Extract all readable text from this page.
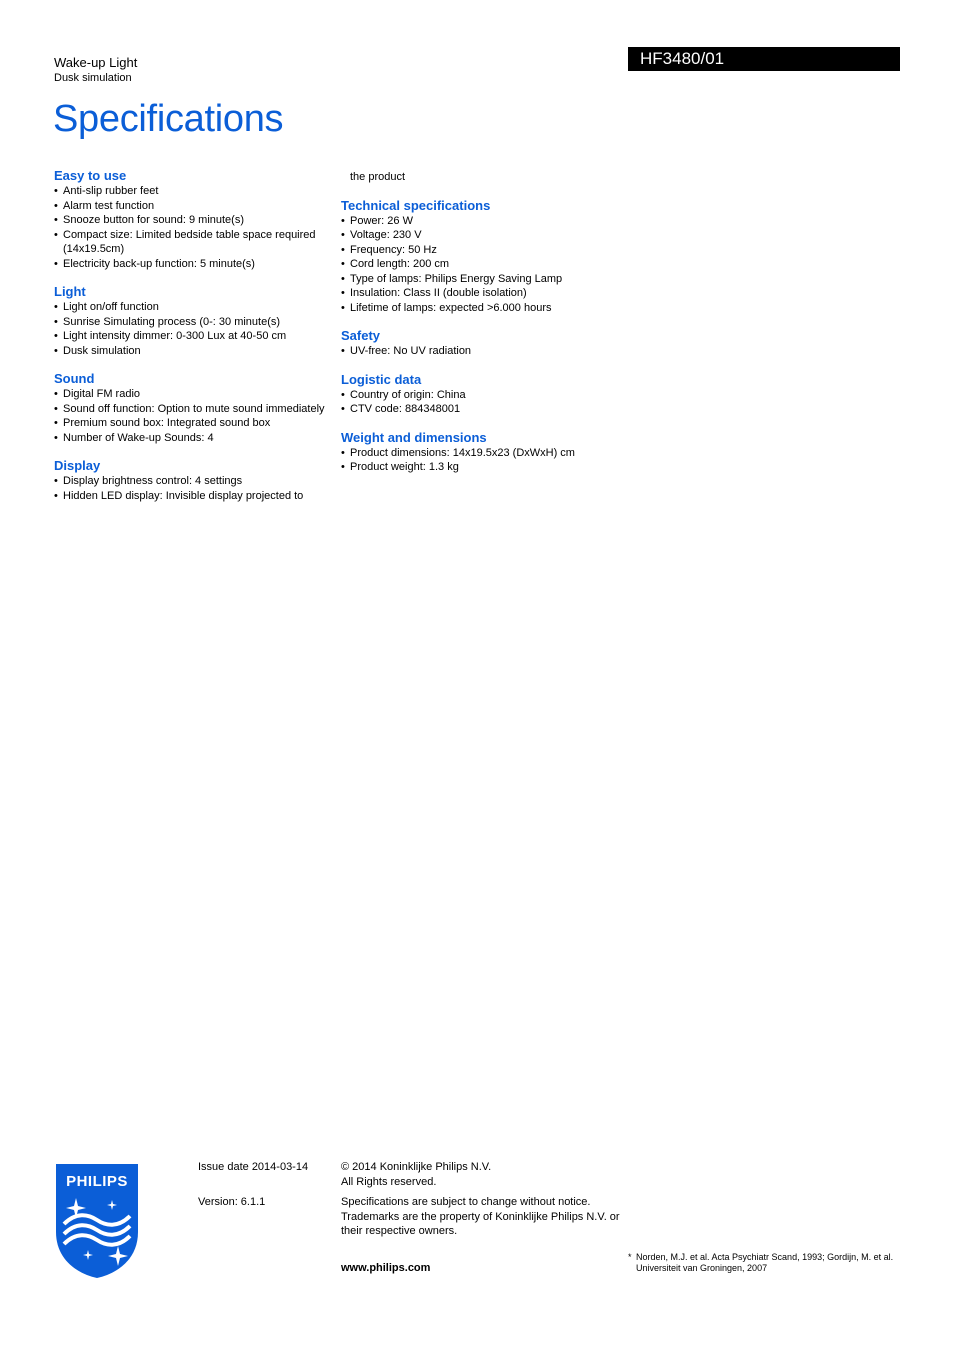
Wake-up Light
Dusk simulation
HF3480/01
Specifications
Easy to use
• Anti-slip rubber feet
• Alarm test function
• Snooze button for sound: 9 minute(s)
• Compact size: Limited bedside table space required (14x19.5cm)
• Electricity back-up function: 5 minute(s)
Light
• Light on/off function
• Sunrise Simulating process (0-: 30 minute(s)
• Light intensity dimmer: 0-300 Lux at 40-50 cm
• Dusk simulation
Sound
• Digital FM radio
• Sound off function: Option to mute sound immediately
• Premium sound box: Integrated sound box
• Number of Wake-up Sounds: 4
Display
• Display brightness control: 4 settings
• Hidden LED display: Invisible display projected to
the product
Technical specifications
• Power: 26 W
• Voltage: 230 V
• Frequency: 50 Hz
• Cord length: 200 cm
• Type of lamps: Philips Energy Saving Lamp
• Insulation: Class II (double isolation)
• Lifetime of lamps: expected >6.000 hours
Safety
• UV-free: No UV radiation
Logistic data
• Country of origin: China
• CTV code: 884348001
Weight and dimensions
• Product dimensions: 14x19.5x23 (DxWxH) cm
• Product weight: 1.3 kg
PHILIPS
Issue date 2014-03-14
Version: 6.1.1
© 2014 Koninklijke Philips N.V.
All Rights reserved.
Specifications are subject to change without notice. Trademarks are the property of Koninklijke Philips N.V. or their respective owners.
www.philips.com
* Norden, M.J. et al. Acta Psychiatr Scand, 1993; Gordijn, M. et al. Universiteit van Groningen, 2007
